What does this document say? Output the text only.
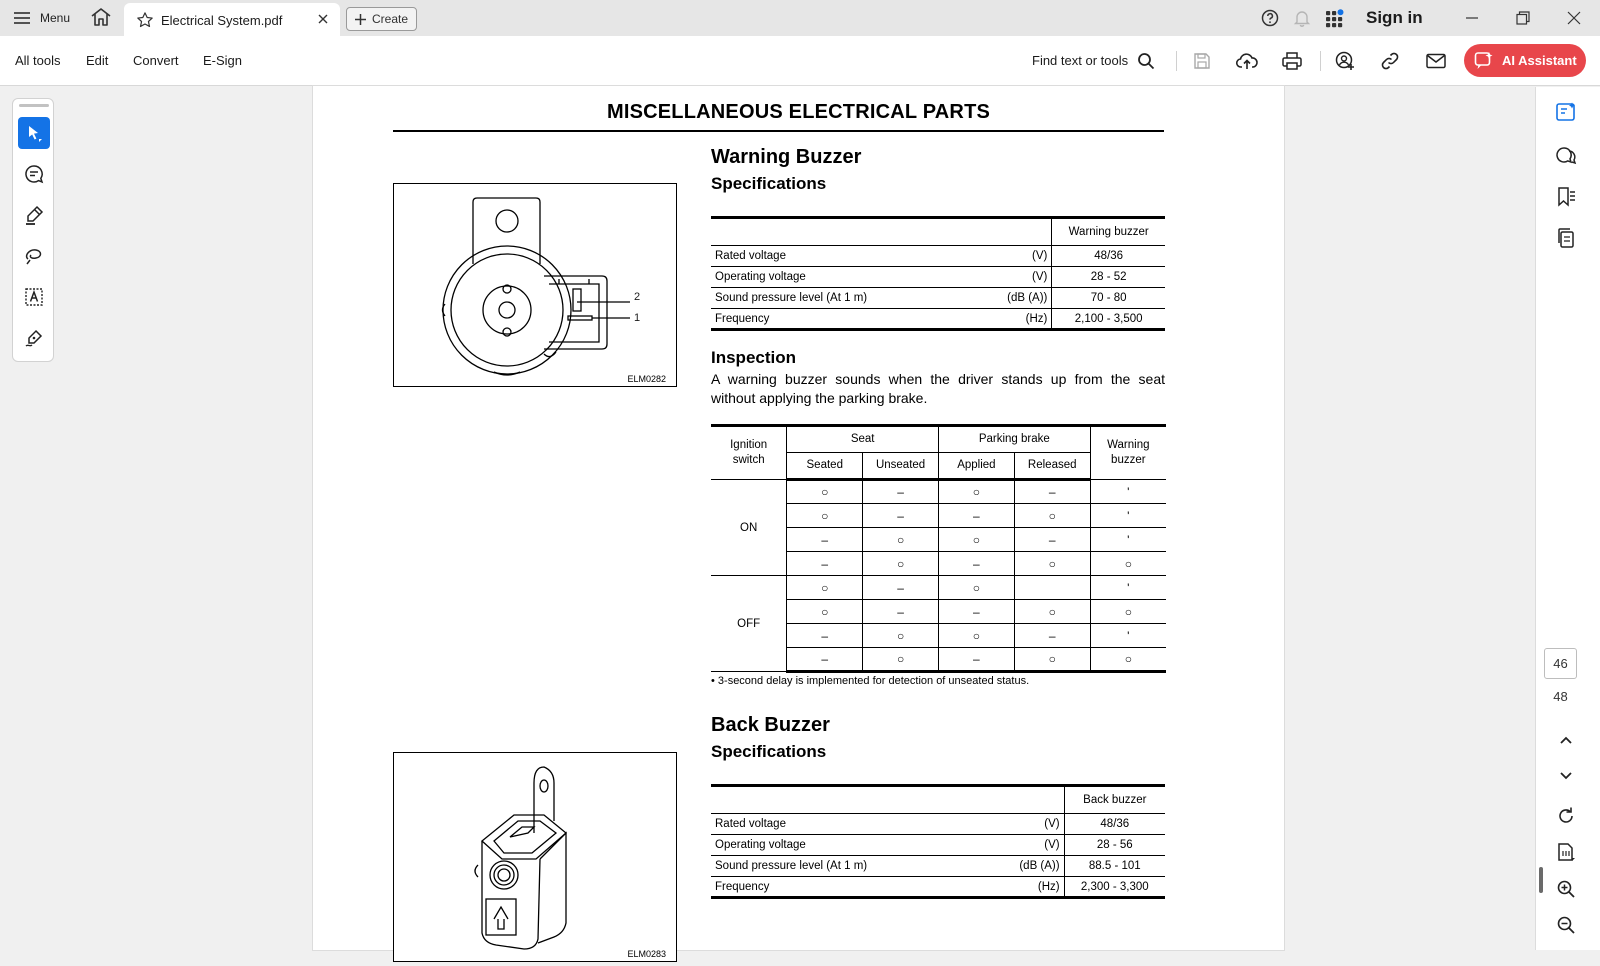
Menu	Electrical System.pdf	Create	Sign in
All tools Edit Convert E-Sign	Find text or tools	AI Assistant
MISCELLANEOUS ELECTRICAL PARTS
2
1
ELM0282
Warning Buzzer
Specifications
		Warning buzzer
Rated voltage	(V)	48/36
Operating voltage	(V)	28 - 52
Sound pressure level (At 1 m)	(dB (A))	70 - 80
Frequency	(Hz)	2,100 - 3,500
Inspection
A warning buzzer sounds when the driver stands up from the seat without applying the parking brake.
Ignition
switch	Seat		Parking brake		Warning
buzzer
	Seated	Unseated	Applied	Released	
ON	○	–	○	–	'
	○	–	–	○	'
	–	○	○	–	'
	–	○	–	○	○
OFF	○	–	○		'
	○	–	–	○	○
	–	○	○	–	'
	–	○	–	○	○
• 3-second delay is implemented for detection of unseated status.
Back Buzzer
Specifications
ELM0283
		Back buzzer
Rated voltage	(V)	48/36
Operating voltage	(V)	28 - 56
Sound pressure level (At 1 m)	(dB (A))	88.5 - 101
Frequency	(Hz)	2,300 - 3,300
46
48
